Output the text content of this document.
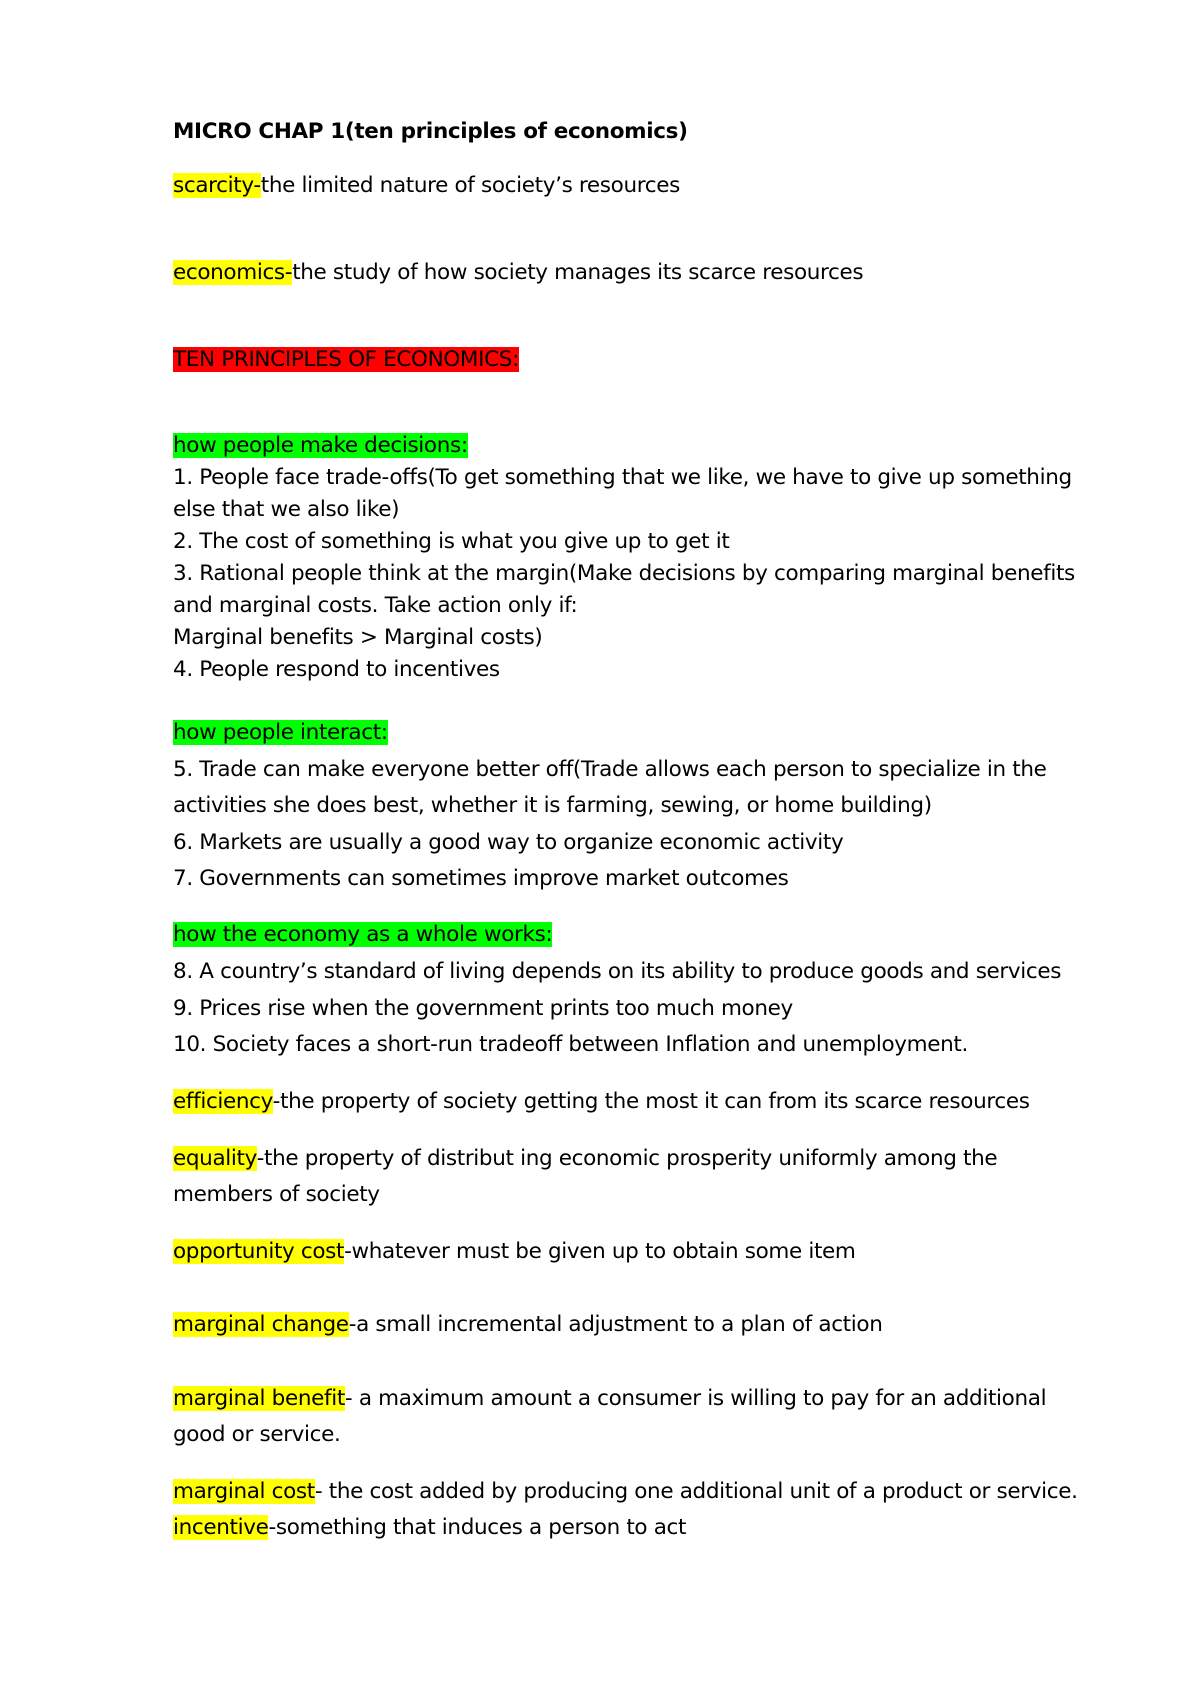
MICRO CHAP 1(ten principles of economics)

scarcity-the limited nature of society’s resources

economics-the study of how society manages its scarce resources

TEN PRINCIPLES OF ECONOMICS:

how people make decisions:

1. People face trade-offs(To get something that we like, we have to give up something

else that we also like)

2. The cost of something is what you give up to get it

3. Rational people think at the margin(Make decisions by comparing marginal benefits

and marginal costs. Take action only if:

Marginal benefits > Marginal costs)

4. People respond to incentives

how people interact:

5. Trade can make everyone better off(Trade allows each person to specialize in the

activities she does best, whether it is farming, sewing, or home building)

6. Markets are usually a good way to organize economic activity

7. Governments can sometimes improve market outcomes

how the economy as a whole works:

8. A country’s standard of living depends on its ability to produce goods and services

9. Prices rise when the government prints too much money

10. Society faces a short-run tradeoff between Inflation and unemployment.

efficiency-the property of society getting the most it can from its scarce resources

equality-the property of distribut ing economic prosperity uniformly among the

members of society

opportunity cost-whatever must be given up to obtain some item

marginal change-a small incremental adjustment to a plan of action

marginal benefit- a maximum amount a consumer is willing to pay for an additional

good or service.

marginal cost- the cost added by producing one additional unit of a product or service.

incentive-something that induces a person to act
